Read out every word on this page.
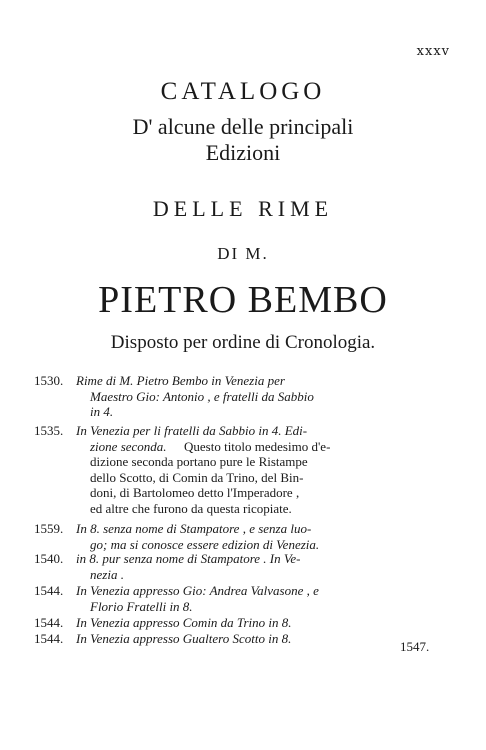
xxxv
CATALOGO
D' alcune delle principali
Edizioni
DELLE RIME
DI M.
PIETRO BEMBO
Disposto per ordine di Cronologia.
1530. Rime di M. Pietro Bembo in Venezia per
Maestro Gio: Antonio , e fratelli da Sabbio
in 4.
1535. In Venezia per li fratelli da Sabbio in 4. Edi-
zione seconda. Questo titolo medesimo d'e-
dizione seconda portano pure le Ristampe
dello Scotto, di Comin da Trino, del Bin-
doni, di Bartolomeo detto l'Imperadore ,
ed altre che furono da questa ricopiate.
1559. In 8. senza nome di Stampatore , e senza luo-
go; ma si conosce essere edizion di Venezia.
1540. in 8. pur senza nome di Stampatore . In Ve-
nezia .
1544. In Venezia appresso Gio: Andrea Valvasone , e
Florio Fratelli in 8.
1544. In Venezia appresso Comin da Trino in 8.
1544. In Venezia appresso Gualtero Scotto in 8.
1547.
